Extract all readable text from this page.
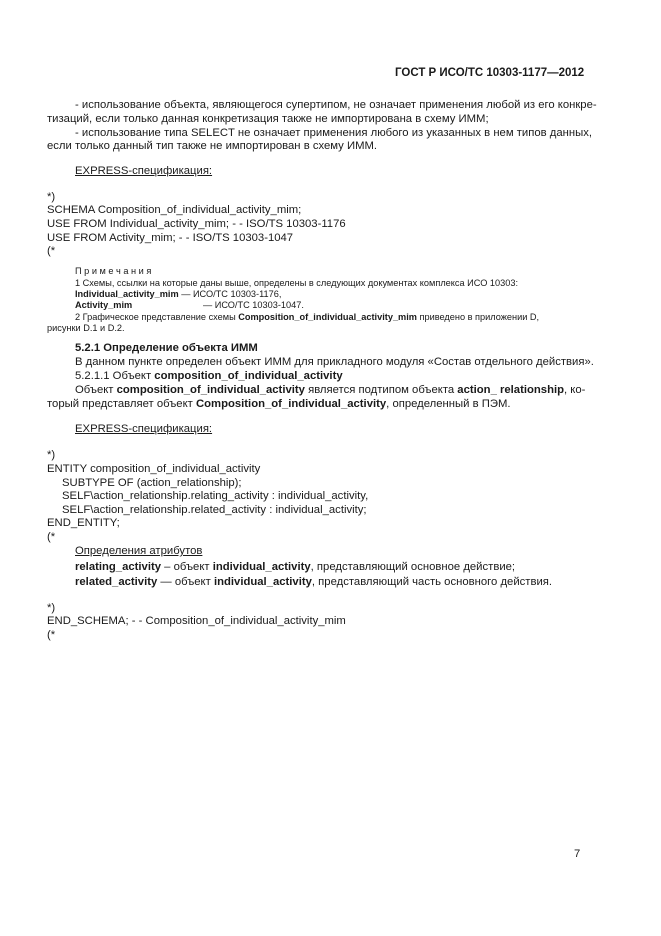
ГОСТ Р ИСО/ТС 10303-1177—2012
- использование объекта, являющегося супертипом, не означает применения любой из его конкре-
тизаций, если только данная конкретизация также не импортирована в схему ИММ;
- использование типа SELECT не означает применения любого из указанных в нем типов данных,
если только данный тип также не импортирован в схему ИММ.
EXPRESS-спецификация:
*)
SCHEMA Composition_of_individual_activity_mim;
USE FROM Individual_activity_mim; - - ISO/TS 10303-1176
USE FROM Activity_mim; - - ISO/TS 10303-1047
(*
П р и м е ч а н и я
1 Схемы, ссылки на которые даны выше, определены в следующих документах комплекса ИСО 10303:
Individual_activity_mim — ИСО/ТС 10303-1176,
Activity_mim	— ИСО/ТС 10303-1047.
2 Графическое представление схемы Composition_of_individual_activity_mim приведено в приложении D,
рисунки D.1 и D.2.
5.2.1 Определение объекта ИММ
В данном пункте определен объект ИММ для прикладного модуля «Состав отдельного действия».
5.2.1.1 Объект composition_of_individual_activity
Объект composition_of_individual_activity является подтипом объекта action_ relationship, ко-
торый представляет объект Composition_of_individual_activity, определенный в ПЭМ.
EXPRESS-спецификация:
*)
ENTITY composition_of_individual_activity
SUBTYPE OF (action_relationship);
SELF\action_relationship.relating_activity : individual_activity,
SELF\action_relationship.related_activity : individual_activity;
END_ENTITY;
(*
Определения атрибутов
relating_activity – объект individual_activity, представляющий основное действие;
related_activity — объект individual_activity, представляющий часть основного действия.
*)
END_SCHEMA; - - Composition_of_individual_activity_mim
(*
7
